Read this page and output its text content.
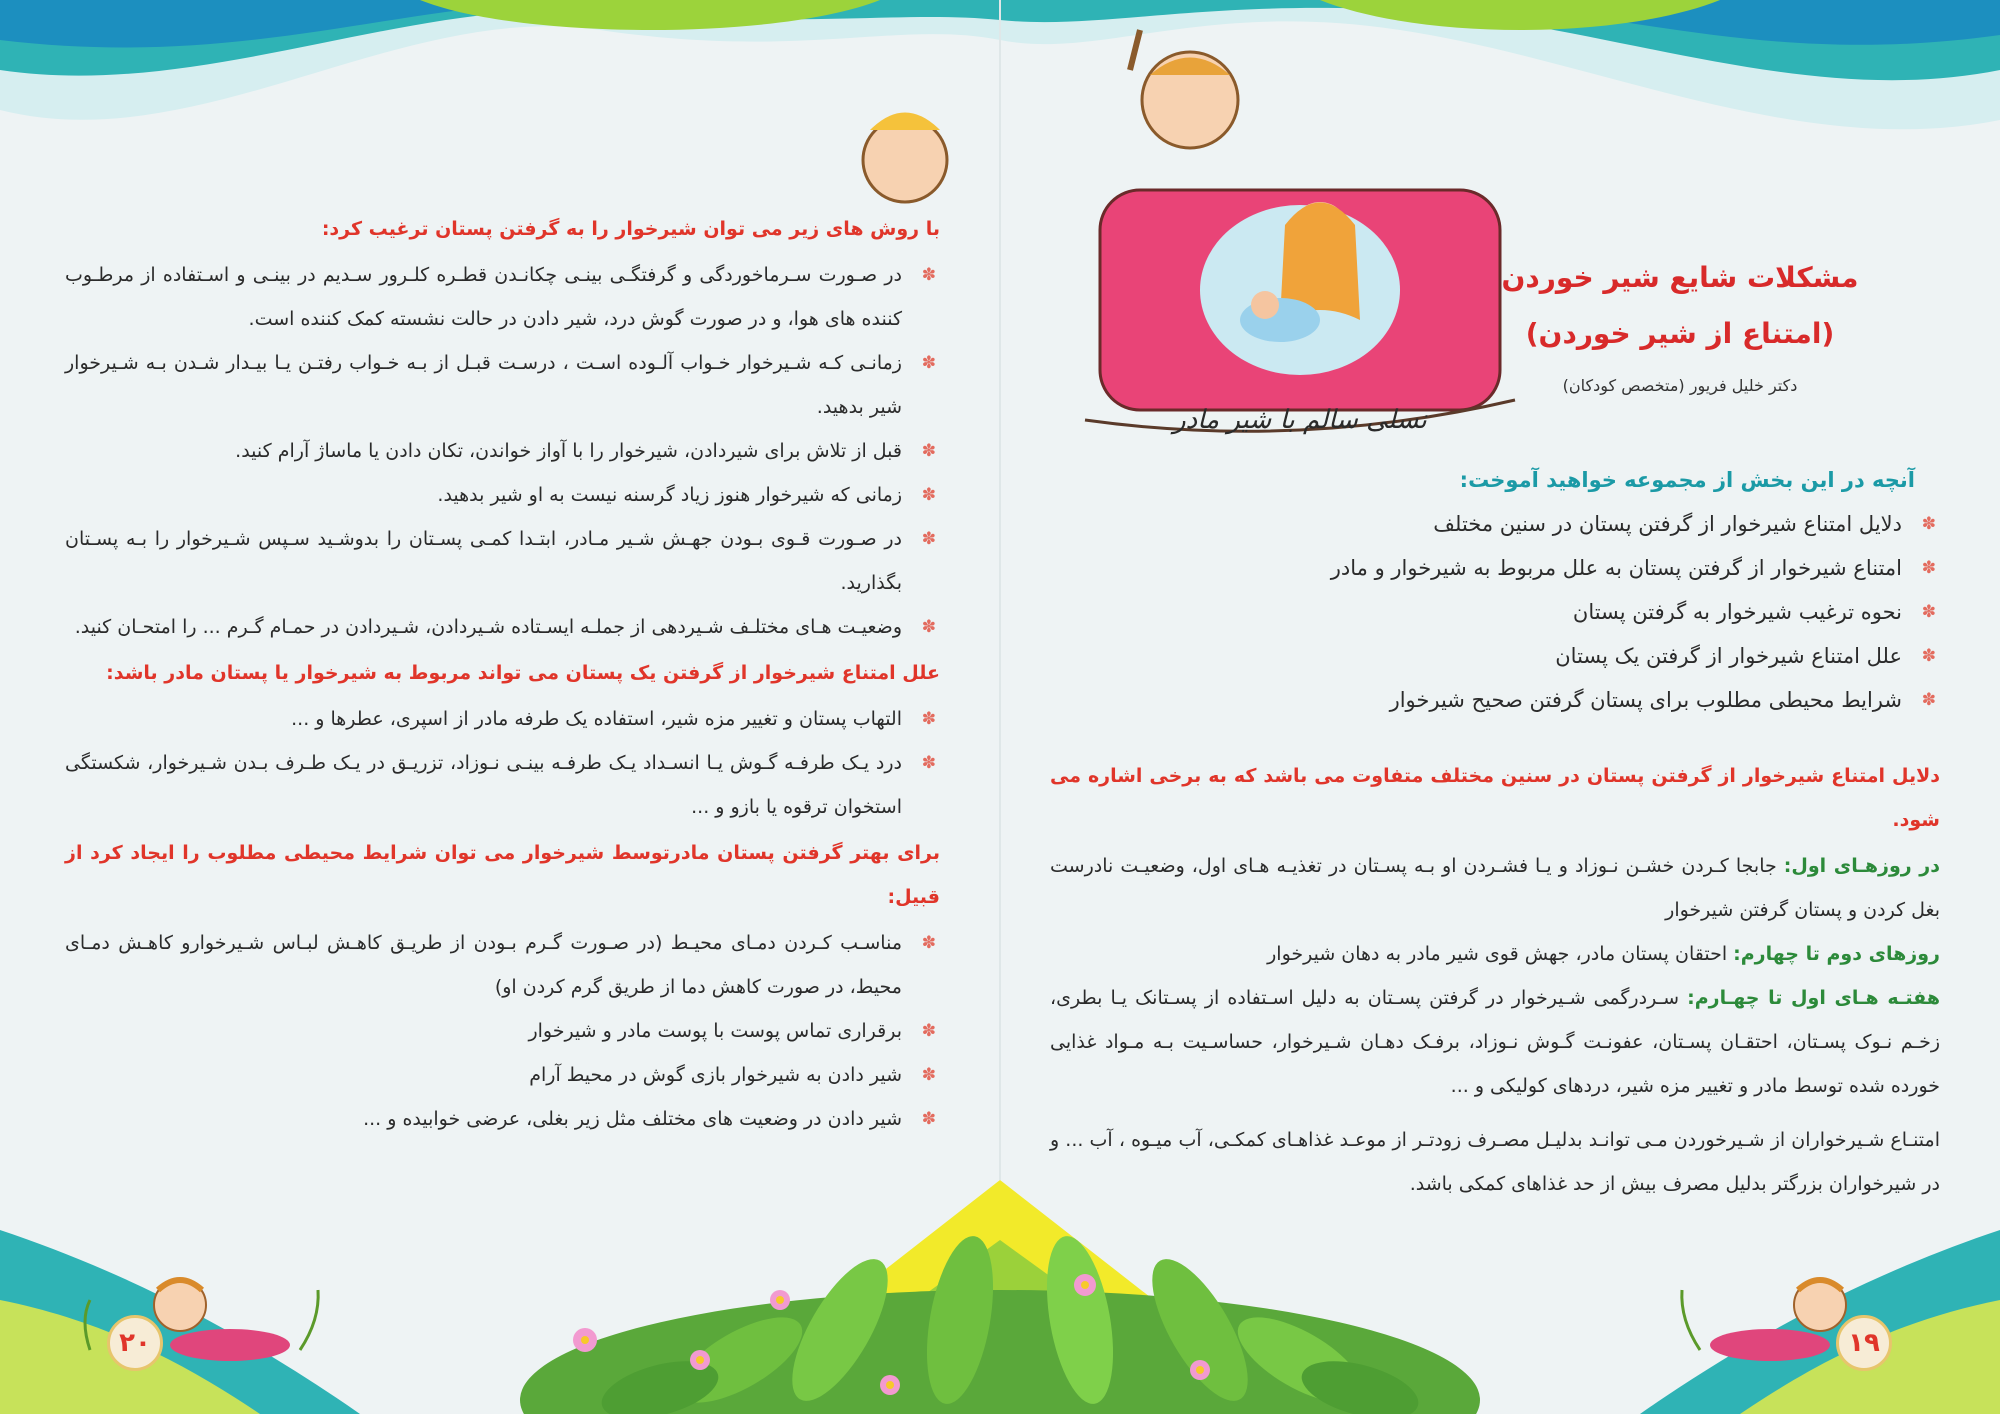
نسلی سالم با شیر مادر
مشکلات شایع شیر خوردن
(امتناع از شیر خوردن)
دکتر خلیل فریور (متخصص کودکان)
آنچه در این بخش از مجموعه خواهید آموخت:
✽ دلایل امتناع شیرخوار از گرفتن پستان در سنین مختلف
✽ امتناع شیرخوار از گرفتن پستان به علل مربوط به شیرخوار و مادر
✽ نحوه ترغیب شیرخوار به گرفتن پستان
✽ علل امتناع شیرخوار از گرفتن یک پستان
✽ شرایط محیطی مطلوب برای پستان گرفتن صحیح شیرخوار
دلایل امتناع شیرخوار از گرفتن پستان در سنین مختلف متفاوت می باشد که به برخی اشاره می شود.

در روزهـای اول: جابجا کـردن خشـن نـوزاد و یـا فشـردن او بـه پسـتان در تغذیـه هـای اول، وضعیـت نادرست بغل کردن و پستان گرفتن شیرخوار

روزهای دوم تا چهارم: احتقان پستان مادر، جهش قوی شیر مادر به دهان شیرخوار

هفتـه هـای اول تا چهـارم: سـردرگمی شـیرخوار در گرفتن پسـتان به دلیل اسـتفاده از پسـتانک یـا بطری، زخـم نـوک پسـتان، احتقـان پسـتان، عفونـت گـوش نـوزاد، برفـک دهـان شـیرخوار، حساسـیت بـه مـواد غذایی خورده شده توسط مادر و تغییر مزه شیر، دردهای کولیکی و ...

امتنـاع شـیرخواران از شـیرخوردن مـی توانـد بدلیـل مصـرف زودتـر از موعـد غذاهـای کمکـی، آب میـوه ، آب ... و در شیرخواران بزرگتر بدلیل مصرف بیش از حد غذاهای کمکی باشد.

با روش های زیر می توان شیرخوار را به گرفتن پستان ترغیب کرد:
✽ در صـورت سـرماخوردگی و گرفتگـی بینـی چکانـدن قطـره کلـرور سـدیم در بینـی و اسـتفاده از مرطـوب کننده های هوا، و در صورت گوش درد، شیر دادن در حالت نشسته کمک کننده است.
✽ زمانـی کـه شـیرخوار خـواب آلـوده اسـت ، درسـت قبـل از بـه خـواب رفتـن یـا بیـدار شـدن بـه شـیرخوار شیر بدهید.
✽ قبل از تلاش برای شیردادن، شیرخوار را با آواز خواندن، تکان دادن یا ماساژ آرام کنید.
✽ زمانی که شیرخوار هنوز زیاد گرسنه نیست به او شیر بدهید.
✽ در صـورت قـوی بـودن جهـش شـیر مـادر، ابتـدا کمـی پسـتان را بدوشـید سـپس شـیرخوار را بـه پسـتان بگذارید.
✽ وضعیـت هـای مختلـف شـیردهی از جملـه ایسـتاده شـیردادن، شـیردادن در حمـام گـرم ... را امتحـان کنید.
علل امتناع شیرخوار از گرفتن یک پستان می تواند مربوط به شیرخوار یا پستان مادر باشد:
✽ التهاب پستان و تغییر مزه شیر، استفاده یک طرفه مادر از اسپری، عطرها و ...
✽ درد یـک طرفـه گـوش یـا انسـداد یـک طرفـه بینـی نـوزاد، تزریـق در یـک طـرف بـدن شـیرخوار، شکستگی استخوان ترقوه یا بازو و ...
برای بهتر گرفتن پستان مادرتوسط شیرخوار می توان شرایط محیطی مطلوب را ایجاد کرد از قبیل:
✽ مناسـب کـردن دمـای محیـط (در صـورت گـرم بـودن از طریـق کاهـش لبـاس شـیرخوارو کاهـش دمـای محیط، در صورت کاهش دما از طریق گرم کردن او)
✽ برقراری تماس پوست با پوست مادر و شیرخوار
✽ شیر دادن به شیرخوار بازی گوش در محیط آرام
✽ شیر دادن در وضعیت های مختلف مثل زیر بغلی، عرضی خوابیده و ...
۲۰	۱۹
